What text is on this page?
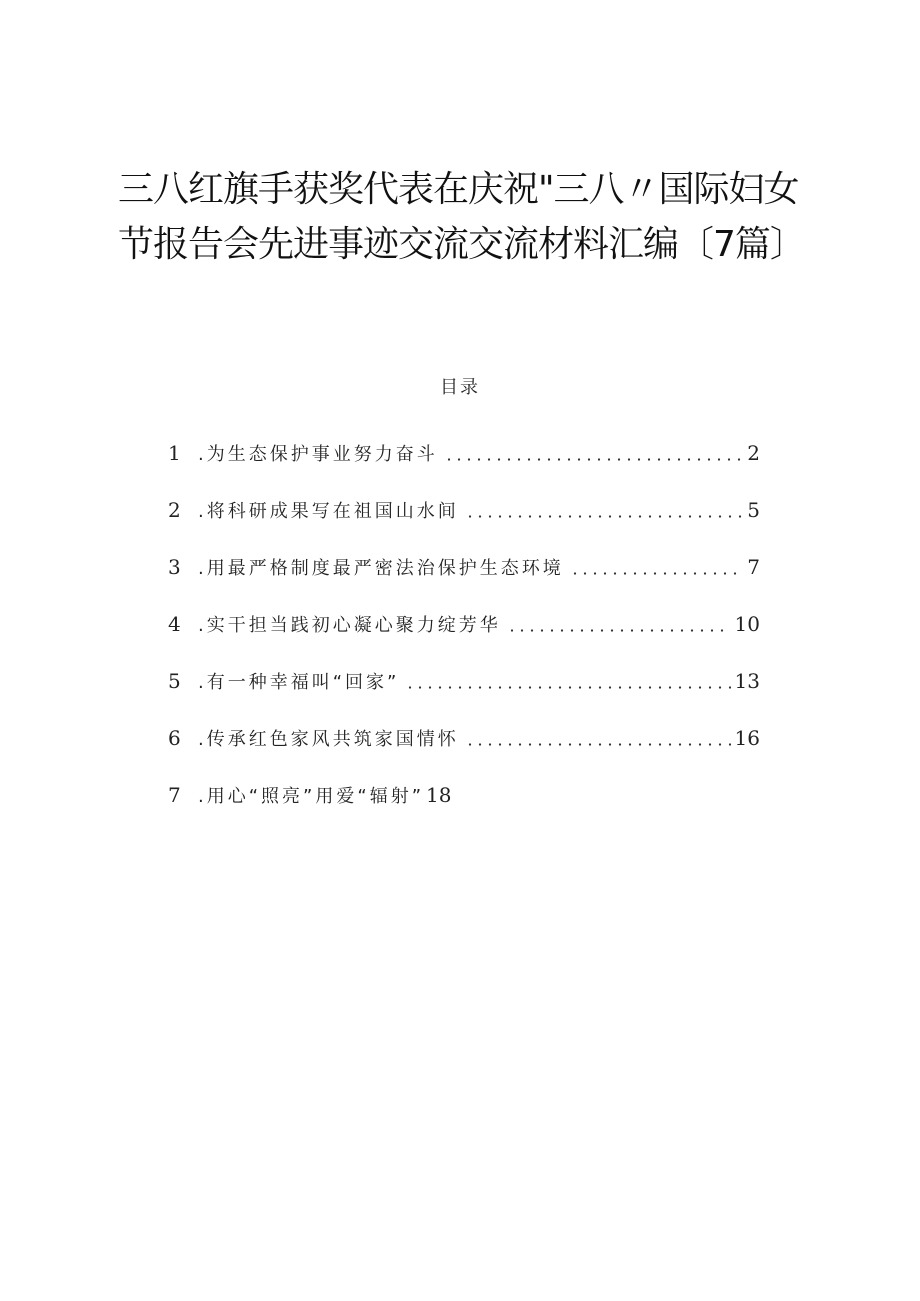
三八红旗手获奖代表在庆祝"三八〃国际妇女
节报告会先进事迹交流交流材料汇编〔7篇〕
目录
1 .为生态保护事业努力奋斗	2
2 .将科研成果写在祖国山水间	5
3 .用最严格制度最严密法治保护生态环境	7
4 .实干担当践初心凝心聚力绽芳华	10
5 .有一种幸福叫“回家”	13
6 .传承红色家风共筑家国情怀	16
7 .用心“照亮”用爱“辐射” 18
